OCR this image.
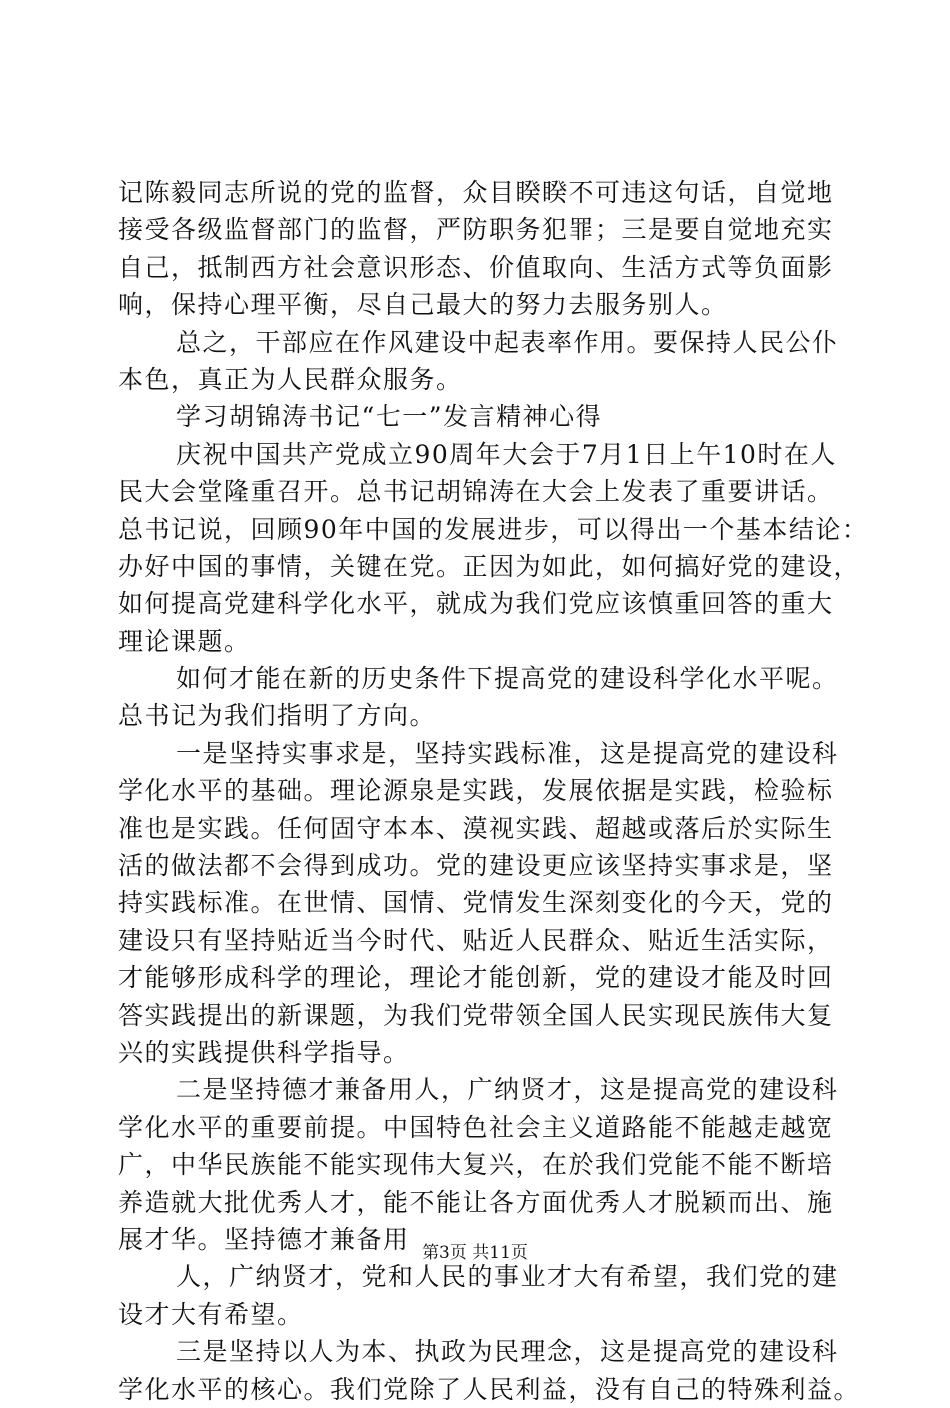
记陈毅同志所说的党的监督，众目睽睽不可违这句话，自觉地
接受各级监督部门的监督，严防职务犯罪；三是要自觉地充实
自己，抵制西方社会意识形态、价值取向、生活方式等负面影
响，保持心理平衡，尽自己最大的努力去服务别人。
总之，干部应在作风建设中起表率作用。要保持人民公仆
本色，真正为人民群众服务。
学习胡锦涛书记“七一”发言精神心得
庆祝中国共产党成立90周年大会于7月1日上午10时在人
民大会堂隆重召开。总书记胡锦涛在大会上发表了重要讲话。
总书记说，回顾90年中国的发展进步，可以得出一个基本结论：
办好中国的事情，关键在党。正因为如此，如何搞好党的建设，
如何提高党建科学化水平，就成为我们党应该慎重回答的重大
理论课题。
如何才能在新的历史条件下提高党的建设科学化水平呢。
总书记为我们指明了方向。
一是坚持实事求是，坚持实践标准，这是提高党的建设科
学化水平的基础。理论源泉是实践，发展依据是实践，检验标
准也是实践。任何固守本本、漠视实践、超越或落后於实际生
活的做法都不会得到成功。党的建设更应该坚持实事求是，坚
持实践标准。在世情、国情、党情发生深刻变化的今天，党的
建设只有坚持贴近当今时代、贴近人民群众、贴近生活实际，
才能够形成科学的理论，理论才能创新，党的建设才能及时回
答实践提出的新课题，为我们党带领全国人民实现民族伟大复
兴的实践提供科学指导。
二是坚持德才兼备用人，广纳贤才，这是提高党的建设科
学化水平的重要前提。中国特色社会主义道路能不能越走越宽
广，中华民族能不能实现伟大复兴，在於我们党能不能不断培
养造就大批优秀人才，能不能让各方面优秀人才脱颖而出、施
展才华。坚持德才兼备用
人，广纳贤才，党和人民的事业才大有希望，我们党的建
设才大有希望。
三是坚持以人为本、执政为民理念，这是提高党的建设科
学化水平的核心。我们党除了人民利益，没有自己的特殊利益。
第3页 共11页
